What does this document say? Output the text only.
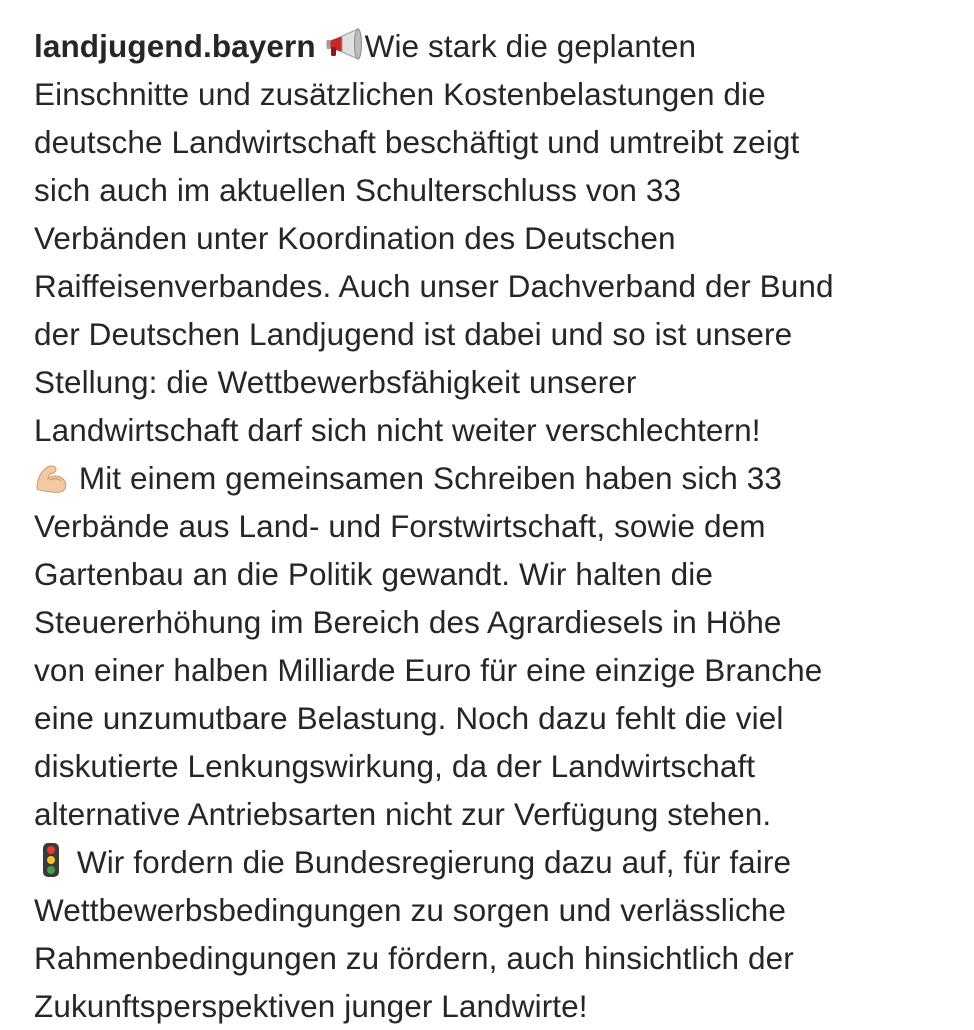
landjugend.bayern Wie stark die geplanten
Einschnitte und zusätzlichen Kostenbelastungen die
deutsche Landwirtschaft beschäftigt und umtreibt zeigt
sich auch im aktuellen Schulterschluss von 33
Verbänden unter Koordination des Deutschen
Raiffeisenverbandes. Auch unser Dachverband der Bund
der Deutschen Landjugend ist dabei und so ist unsere
Stellung: die Wettbewerbsfähigkeit unserer
Landwirtschaft darf sich nicht weiter verschlechtern!
Mit einem gemeinsamen Schreiben haben sich 33
Verbände aus Land- und Forstwirtschaft, sowie dem
Gartenbau an die Politik gewandt. Wir halten die
Steuererhöhung im Bereich des Agrardiesels in Höhe
von einer halben Milliarde Euro für eine einzige Branche
eine unzumutbare Belastung. Noch dazu fehlt die viel
diskutierte Lenkungswirkung, da der Landwirtschaft
alternative Antriebsarten nicht zur Verfügung stehen.
Wir fordern die Bundesregierung dazu auf, für faire
Wettbewerbsbedingungen zu sorgen und verlässliche
Rahmenbedingungen zu fördern, auch hinsichtlich der
Zukunftsperspektiven junger Landwirte!
